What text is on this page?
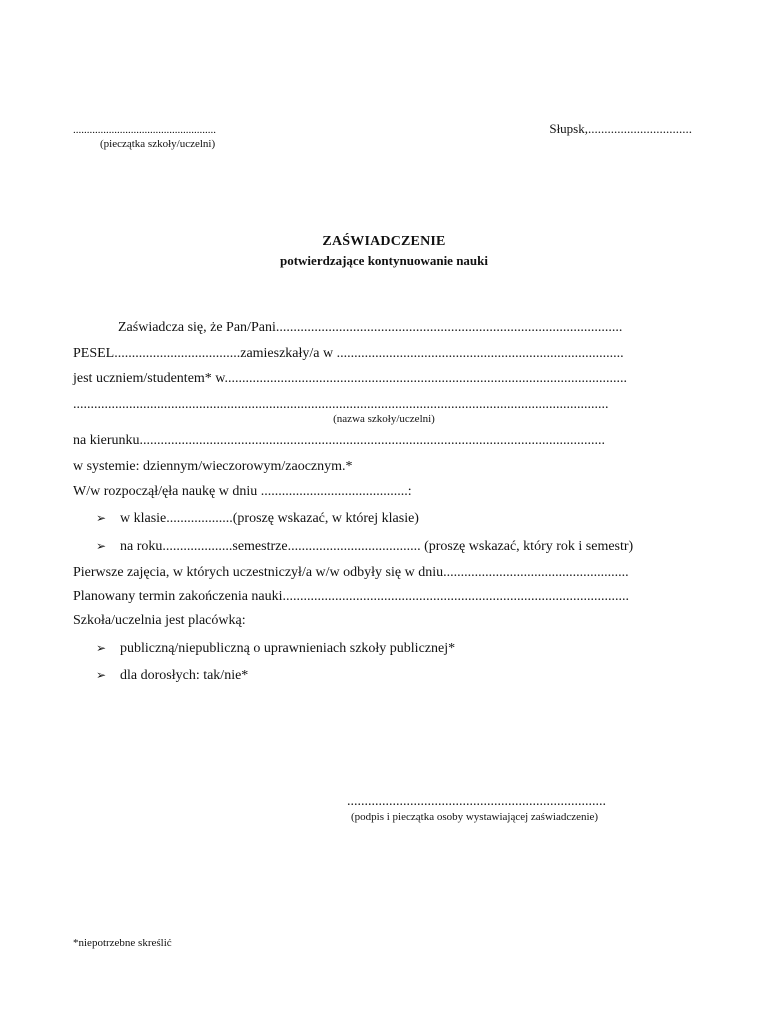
....................................................
(pieczątka szkoły/uczelni)
Słupsk,................................
ZAŚWIADCZENIE
potwierdzające kontynuowanie nauki
Zaświadcza się, że Pan/Pani...................................................................................................
PESEL....................................zamieszkały/a w ..................................................................................
jest uczniem/studentem* w...................................................................................................................
.........................................................................................................................................................
(nazwa szkoły/uczelni)
na kierunku.....................................................................................................................................
w systemie: dziennym/wieczorowym/zaocznym.*
W/w rozpoczął/ęła naukę w dniu ..........................................:
➢ w klasie...................(proszę wskazać, w której klasie)
➢ na roku....................semestrze...................................... (proszę wskazać, który rok i semestr)
Pierwsze zajęcia, w których uczestniczył/a w/w odbyły się w dniu.....................................................
Planowany termin zakończenia nauki...................................................................................................
Szkoła/uczelnia jest placówką:
➢ publiczną/niepubliczną o uprawnieniach szkoły publicznej*
➢ dla dorosłych: tak/nie*
..........................................................................
(podpis i pieczątka osoby wystawiającej zaświadczenie)
*niepotrzebne skreślić
